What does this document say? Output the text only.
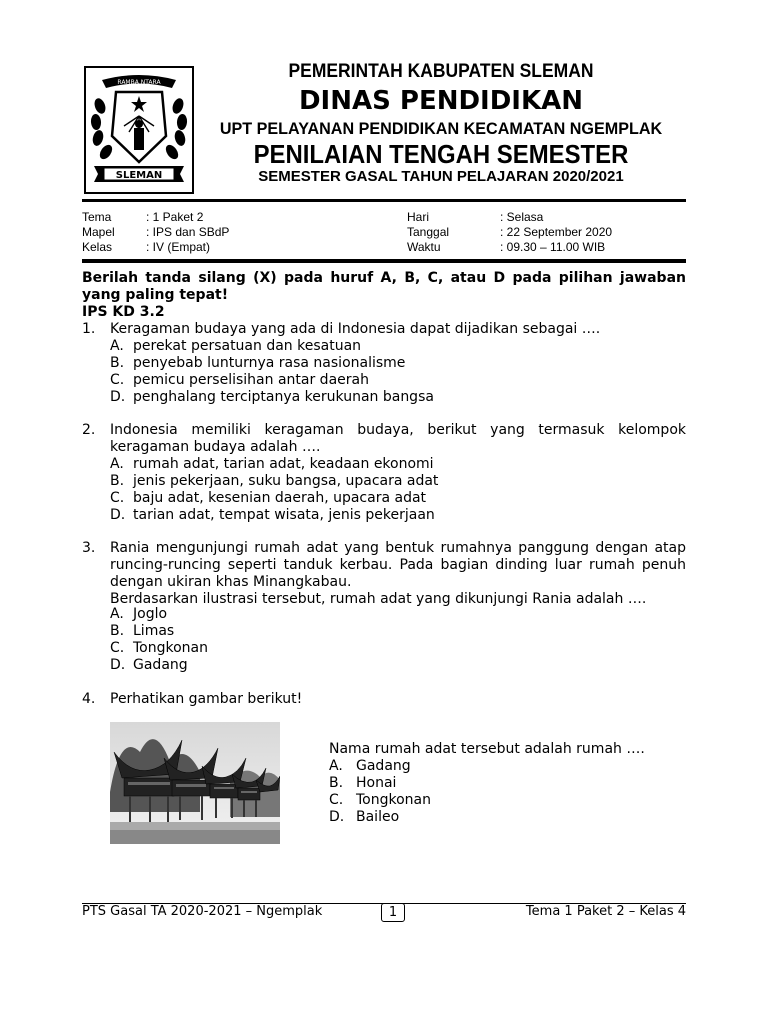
RAMBA NTARA
SLEMAN
PEMERINTAH KABUPATEN SLEMAN
DINAS PENDIDIKAN
UPT PELAYANAN PENDIDIKAN KECAMATAN NGEMPLAK
PENILAIAN TENGAH SEMESTER
SEMESTER GASAL TAHUN PELAJARAN 2020/2021
Tema
Mapel
Kelas
: 1 Paket 2
: IPS dan SBdP
: IV (Empat)
Hari
Tanggal
Waktu
: Selasa
: 22 September 2020
: 09.30 – 11.00 WIB
Berilah tanda silang (X) pada huruf A, B, C, atau D pada pilihan jawaban yang paling tepat!
IPS KD 3.2
1. Keragaman budaya yang ada di Indonesia dapat dijadikan sebagai ….
A. perekat persatuan dan kesatuan
B. penyebab lunturnya rasa nasionalisme
C. pemicu perselisihan antar daerah
D. penghalang terciptanya kerukunan bangsa
2. Indonesia memiliki keragaman budaya, berikut yang termasuk kelompok keragaman budaya adalah ….
A. rumah adat, tarian adat, keadaan ekonomi
B. jenis pekerjaan, suku bangsa, upacara adat
C. baju adat, kesenian daerah, upacara adat
D. tarian adat, tempat wisata, jenis pekerjaan
3. Rania mengunjungi rumah adat yang bentuk rumahnya panggung dengan atap runcing-runcing seperti tanduk kerbau. Pada bagian dinding luar rumah penuh dengan ukiran khas Minangkabau.
Berdasarkan ilustrasi tersebut, rumah adat yang dikunjungi Rania adalah ….
A. Joglo
B. Limas
C. Tongkonan
D. Gadang
4. Perhatikan gambar berikut!
Nama rumah adat tersebut adalah rumah ….
A. Gadang
B. Honai
C. Tongkonan
D. Baileo
PTS Gasal TA 2020-2021 – Ngemplak	1	Tema 1 Paket 2 – Kelas 4
